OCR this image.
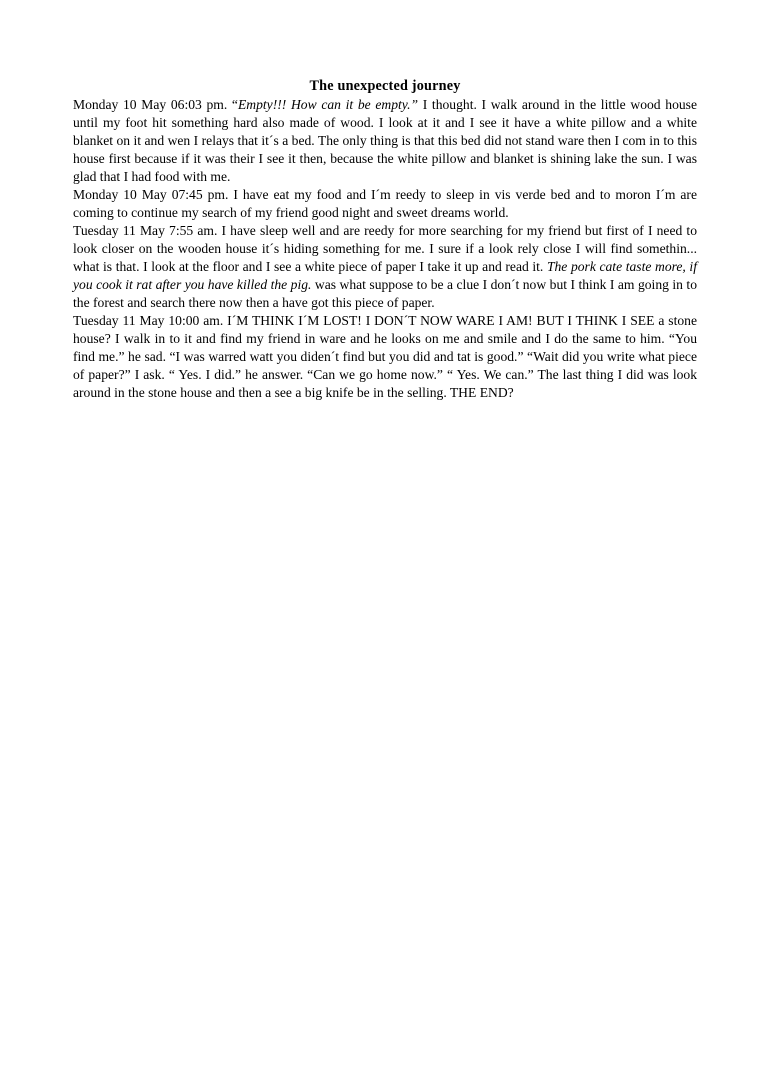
The unexpected journey

Monday 10 May 06:03 pm. “Empty!!! How can it be empty.” I thought. I walk around in the little wood house until my foot hit something hard also made of wood. I look at it and I see it have a white pillow and a white blanket on it and wen I relays that it´s a bed. The only thing is that this bed did not stand ware then I com in to this house first because if it was their I see it then, because the white pillow and blanket is shining lake the sun. I was glad that I had food with me.

Monday 10 May 07:45 pm. I have eat my food and I´m reedy to sleep in vis verde bed and to moron I´m are coming to continue my search of my friend good night and sweet dreams world.

Tuesday 11 May 7:55 am. I have sleep well and are reedy for more searching for my friend but first of I need to look closer on the wooden house it´s hiding something for me. I sure if a look rely close I will find somethin... what is that. I look at the floor and I see a white piece of paper I take it up and read it. The pork cate taste more, if you cook it rat after you have killed the pig. was what suppose to be a clue I don´t now but I think I am going in to the forest and search there now then a have got this piece of paper.

Tuesday 11 May 10:00 am. I´M THINK I´M LOST! I DON´T NOW WARE I AM! BUT I THINK I SEE a stone house? I walk in to it and find my friend in ware and he looks on me and smile and I do the same to him. “You find me.” he sad. “I was warred watt you diden´t find but you did and tat is good.” “Wait did you write what piece of paper?” I ask. “ Yes. I did.” he answer. “Can we go home now.” “ Yes. We can.” The last thing I did was look around in the stone house and then a see a big knife be in the selling. THE END?
